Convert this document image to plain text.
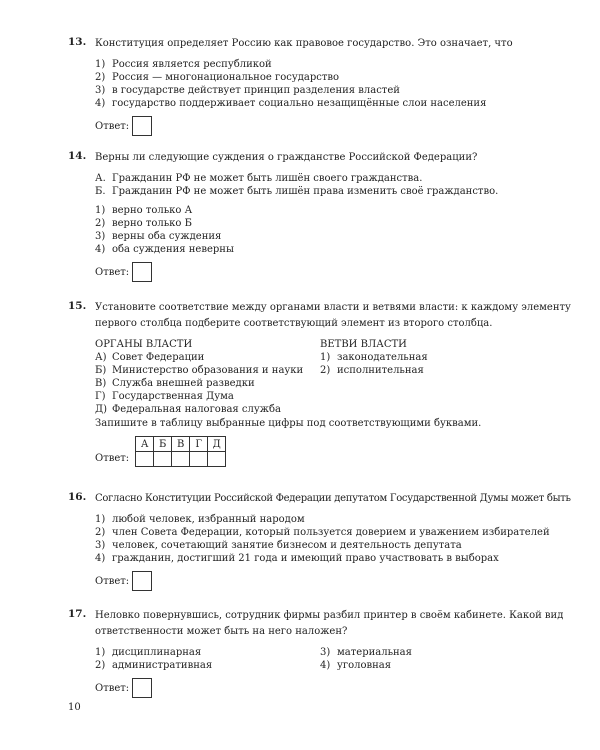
13. Конституция определяет Россию как правовое государство. Это означает, что
1) Россия является республикой
2) Россия — многонациональное государство
3) в государстве действует принцип разделения властей
4) государство поддерживает социально незащищённые слои населения
Ответ:
14. Верны ли следующие суждения о гражданстве Российской Федерации?
А. Гражданин РФ не может быть лишён своего гражданства.
Б. Гражданин РФ не может быть лишён права изменить своё гражданство.
1) верно только А
2) верно только Б
3) верны оба суждения
4) оба суждения неверны
Ответ:
15. Установите соответствие между органами власти и ветвями власти: к каждому элементу
первого столбца подберите соответствующий элемент из второго столбца.
ОРГАНЫ ВЛАСТИ
А) Совет Федерации
Б) Министерство образования и науки
В) Служба внешней разведки
Г) Государственная Дума
Д) Федеральная налоговая служба
ВЕТВИ ВЛАСТИ
1) законодательная
2) исполнительная
Запишите в таблицу выбранные цифры под соответствующими буквами.
Ответ:
А	Б	В	Г	Д

16. Согласно Конституции Российской Федерации депутатом Государственной Думы может быть
1) любой человек, избранный народом
2) член Совета Федерации, который пользуется доверием и уважением избирателей
3) человек, сочетающий занятие бизнесом и деятельность депутата
4) гражданин, достигший 21 года и имеющий право участвовать в выборах
Ответ:
17. Неловко повернувшись, сотрудник фирмы разбил принтер в своём кабинете. Какой вид
ответственности может быть на него наложен?
1) дисциплинарная
2) административная
3) материальная
4) уголовная
Ответ:
10
